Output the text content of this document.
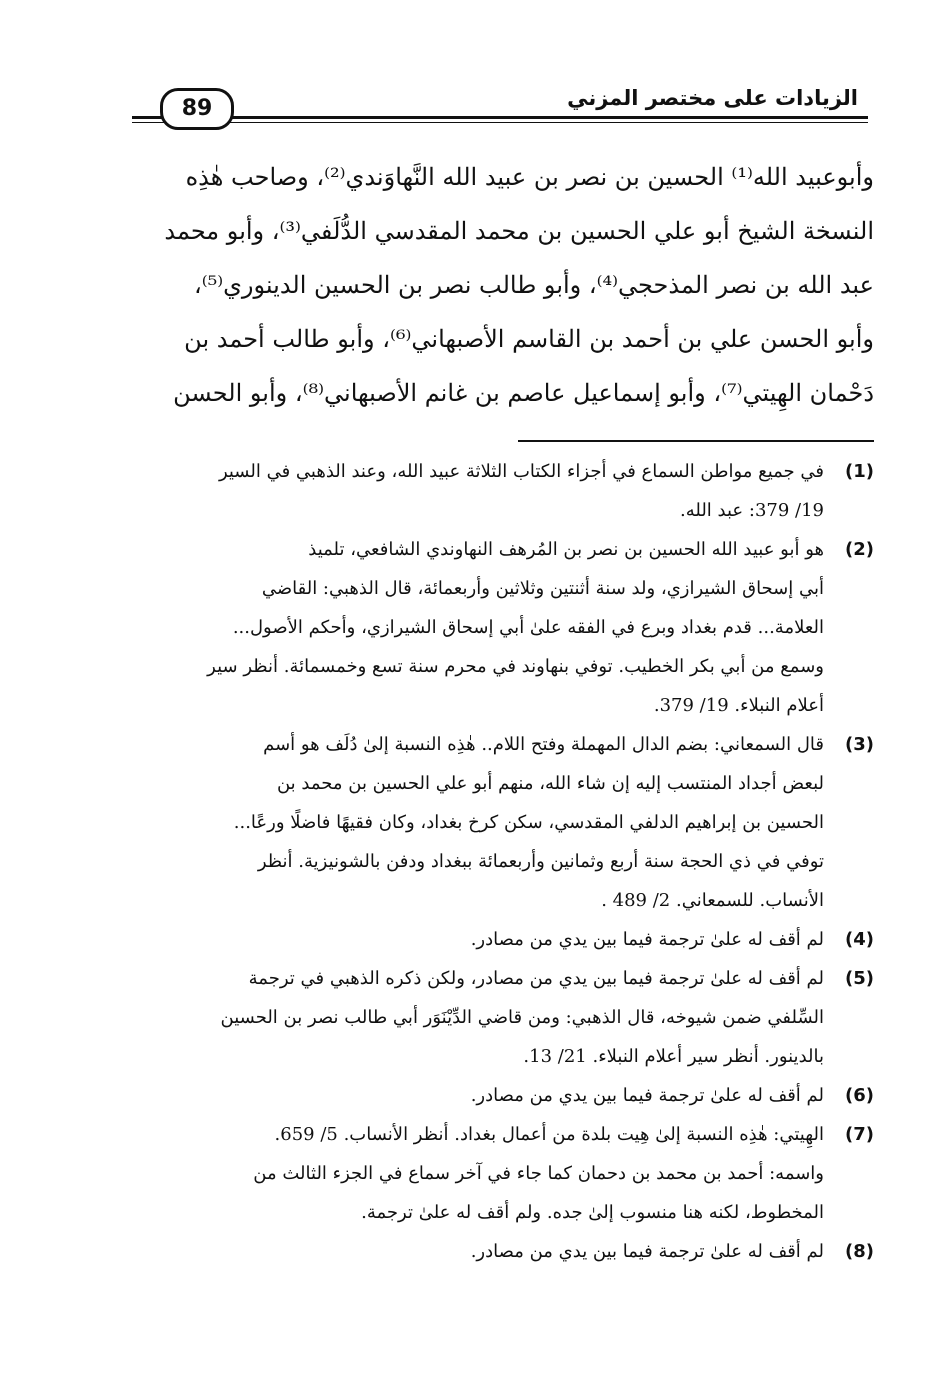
الزيادات على مختصر المزني
89
وأبوعبيد الله⁽¹⁾ الحسين بن نصر بن عبيد الله النَّهاوَندي⁽²⁾، وصاحب هٰذِه
النسخة الشيخ أبو علي الحسين بن محمد المقدسي الدُّلَفي⁽³⁾، وأبو محمد
عبد الله بن نصر المذحجي⁽⁴⁾، وأبو طالب نصر بن الحسين الدينوري⁽⁵⁾،
وأبو الحسن علي بن أحمد بن القاسم الأصبهاني⁽⁶⁾، وأبو طالب أحمد بن
دَحْمان الهِيتي⁽⁷⁾، وأبو إسماعيل عاصم بن غانم الأصبهاني⁽⁸⁾، وأبو الحسن
(1)
في جميع مواطن السماع في أجزاء الكتاب الثلاثة عبيد الله، وعند الذهبي في السير
19/ 379: عبد الله.
(2)
هو أبو عبيد الله الحسين بن نصر بن المُرهف النهاوندي الشافعي، تلميذ
أبي إسحاق الشيرازي، ولد سنة أثنتين وثلاثين وأربعمائة، قال الذهبي: القاضي
العلامة... قدم بغداد وبرع في الفقه علىٰ أبي إسحاق الشيرازي، وأحكم الأصول...
وسمع من أبي بكر الخطيب. توفي بنهاوند في محرم سنة تسع وخمسمائة. أنظر سير
أعلام النبلاء. 19/ 379.
(3)
قال السمعاني: بضم الدال المهملة وفتح اللام.. هٰذِه النسبة إلىٰ دُلَف هو أسم
لبعض أجداد المنتسب إليه إن شاء الله، منهم أبو علي الحسين بن محمد بن
الحسين بن إبراهيم الدلفي المقدسي، سكن كرخ بغداد، وكان فقيهًا فاضلًا ورعًا...
توفي في ذي الحجة سنة أربع وثمانين وأربعمائة ببغداد ودفن بالشونيزية. أنظر
الأنساب. للسمعاني. 2/ 489 .
(4)
لم أقف له علىٰ ترجمة فيما بين يدي من مصادر.
(5)
لم أقف له علىٰ ترجمة فيما بين يدي من مصادر، ولكن ذكره الذهبي في ترجمة
السِّلفي ضمن شيوخه، قال الذهبي: ومن قاضي الدِّيْنَوَر أبي طالب نصر بن الحسين
بالدينور. أنظر سير أعلام النبلاء. 21/ 13.
(6)
لم أقف له علىٰ ترجمة فيما بين يدي من مصادر.
(7)
الهِيتي: هٰذِه النسبة إلىٰ هِيت بلدة من أعمال بغداد. أنظر الأنساب. 5/ 659.
واسمه: أحمد بن محمد بن دحمان كما جاء في آخر سماع في الجزء الثالث من
المخطوط، لكنه هنا منسوب إلىٰ جده. ولم أقف له علىٰ ترجمة.
(8)
لم أقف له علىٰ ترجمة فيما بين يدي من مصادر.
